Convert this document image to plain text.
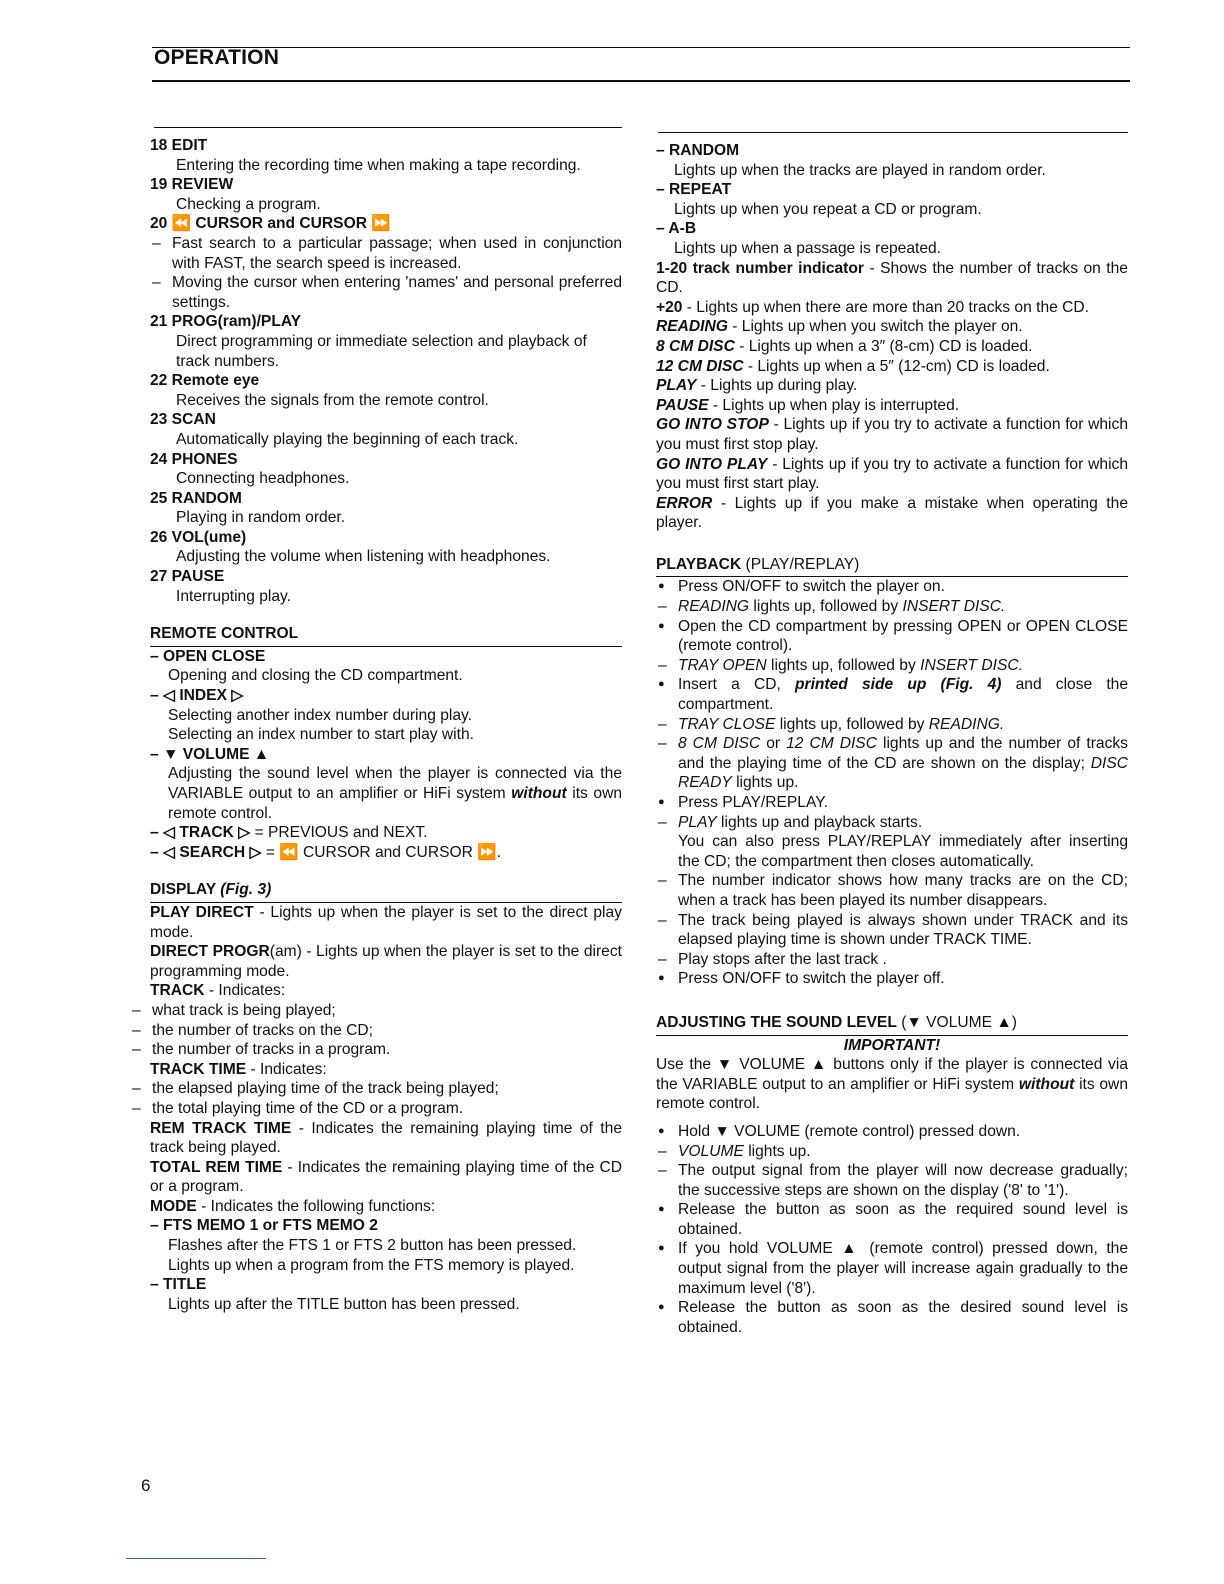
OPERATION

18 EDIT

Entering the recording time when making a tape recording.

19 REVIEW

Checking a program.

20 ⏪ CURSOR and CURSOR ⏩

– Fast search to a particular passage; when used in conjunction with FAST, the search speed is increased.
– Moving the cursor when entering 'names' and personal preferred settings.

21 PROG(ram)/PLAY

Direct programming or immediate selection and playback of track numbers.

22 Remote eye

Receives the signals from the remote control.

23 SCAN

Automatically playing the beginning of each track.

24 PHONES

Connecting headphones.

25 RANDOM

Playing in random order.

26 VOL(ume)

Adjusting the volume when listening with headphones.

27 PAUSE

Interrupting play.

REMOTE CONTROL

– OPEN CLOSE

Opening and closing the CD compartment.

– ◁ INDEX ▷

Selecting another index number during play.

Selecting an index number to start play with.

– ▼ VOLUME ▲

Adjusting the sound level when the player is connected via the VARIABLE output to an amplifier or HiFi system without its own remote control.

– ◁ TRACK ▷ = PREVIOUS and NEXT.

– ◁ SEARCH ▷ = ⏪ CURSOR and CURSOR ⏩.

DISPLAY (Fig. 3)

PLAY DIRECT - Lights up when the player is set to the direct play mode.

DIRECT PROGR(am) - Lights up when the player is set to the direct programming mode.

TRACK - Indicates:

– what track is being played;
– the number of tracks on the CD;
– the number of tracks in a program.

TRACK TIME - Indicates:

– the elapsed playing time of the track being played;
– the total playing time of the CD or a program.

REM TRACK TIME - Indicates the remaining playing time of the track being played.

TOTAL REM TIME - Indicates the remaining playing time of the CD or a program.

MODE - Indicates the following functions:

– FTS MEMO 1 or FTS MEMO 2

Flashes after the FTS 1 or FTS 2 button has been pressed.

Lights up when a program from the FTS memory is played.

– TITLE

Lights up after the TITLE button has been pressed.

– RANDOM

Lights up when the tracks are played in random order.

– REPEAT

Lights up when you repeat a CD or program.

– A-B

Lights up when a passage is repeated.

1-20 track number indicator - Shows the number of tracks on the CD.

+20 - Lights up when there are more than 20 tracks on the CD.

READING - Lights up when you switch the player on.

8 CM DISC - Lights up when a 3″ (8-cm) CD is loaded.

12 CM DISC - Lights up when a 5″ (12-cm) CD is loaded.

PLAY - Lights up during play.

PAUSE - Lights up when play is interrupted.

GO INTO STOP - Lights up if you try to activate a function for which you must first stop play.

GO INTO PLAY - Lights up if you try to activate a function for which you must first start play.

ERROR - Lights up if you make a mistake when operating the player.

PLAYBACK (PLAY/REPLAY)

● Press ON/OFF to switch the player on.
– READING lights up, followed by INSERT DISC.
● Open the CD compartment by pressing OPEN or OPEN CLOSE (remote control).
– TRAY OPEN lights up, followed by INSERT DISC.
● Insert a CD, printed side up (Fig. 4) and close the compartment.
– TRAY CLOSE lights up, followed by READING.
– 8 CM DISC or 12 CM DISC lights up and the number of tracks and the playing time of the CD are shown on the display; DISC READY lights up.
● Press PLAY/REPLAY.
– PLAY lights up and playback starts.
You can also press PLAY/REPLAY immediately after inserting the CD; the compartment then closes automatically.
– The number indicator shows how many tracks are on the CD; when a track has been played its number disappears.
– The track being played is always shown under TRACK and its elapsed playing time is shown under TRACK TIME.
– Play stops after the last track .
● Press ON/OFF to switch the player off.

ADJUSTING THE SOUND LEVEL (▼ VOLUME ▲)

IMPORTANT!

Use the ▼ VOLUME ▲ buttons only if the player is connected via the VARIABLE output to an amplifier or HiFi system without its own remote control.

● Hold ▼ VOLUME (remote control) pressed down.
– VOLUME lights up.
– The output signal from the player will now decrease gradually; the successive steps are shown on the display ('8' to '1').
● Release the button as soon as the required sound level is obtained.
● If you hold VOLUME ▲ (remote control) pressed down, the output signal from the player will increase again gradually to the maximum level ('8').
● Release the button as soon as the desired sound level is obtained.
6
